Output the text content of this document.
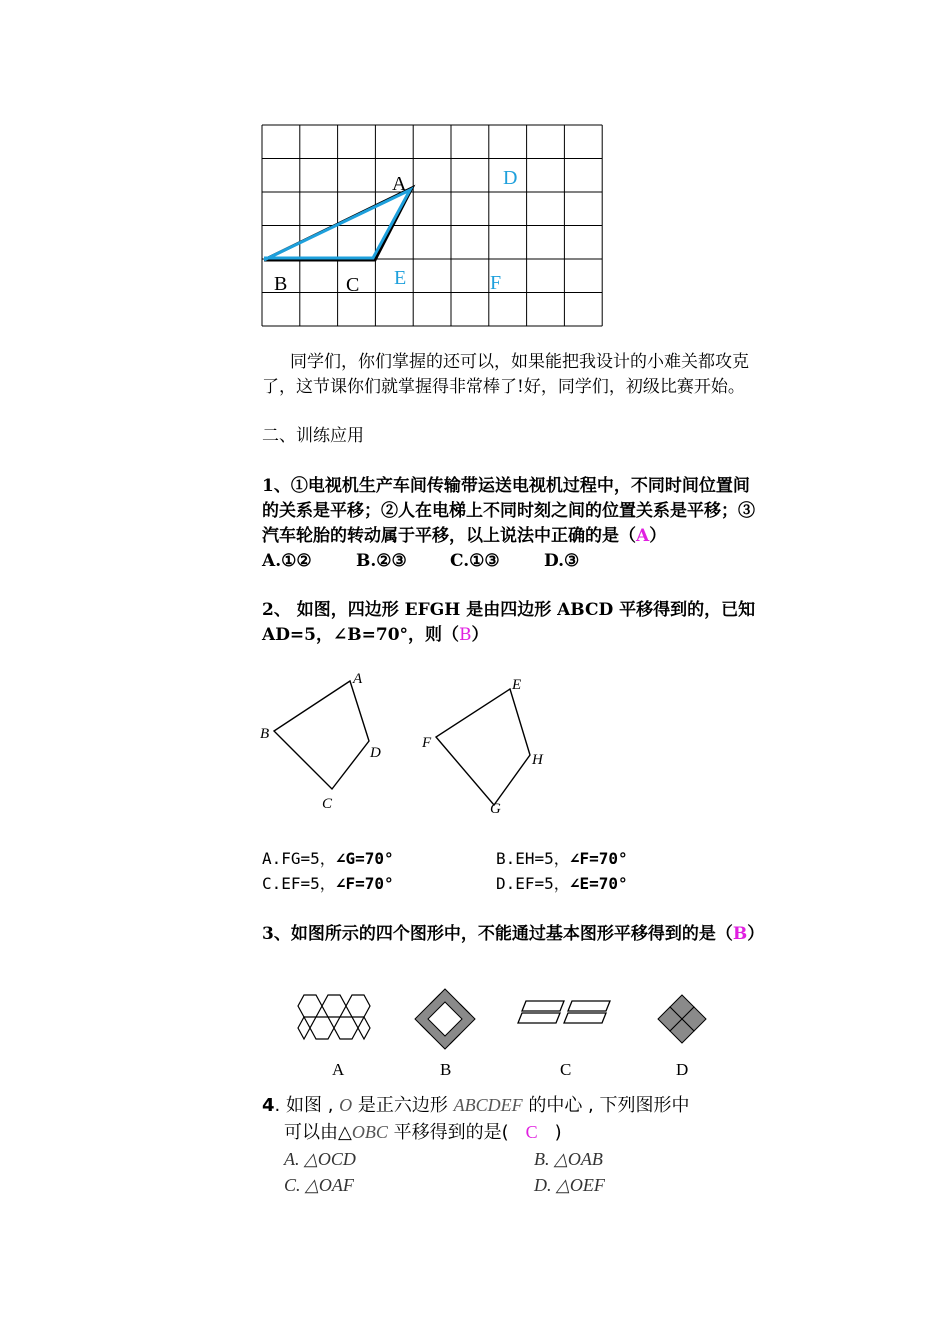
A
B	C
D
E	F
同学们，你们掌握的还可以，如果能把我设计的小难关都攻克
了，这节课你们就掌握得非常棒了!好，同学们，初级比赛开始。
二、训练应用
1、①电视机生产车间传输带运送电视机过程中，不同时间位置间
的关系是平移；②人在电梯上不同时刻之间的位置关系是平移；③
汽车轮胎的转动属于平移，以上说法中正确的是（A）
A.①②	B.②③	C.①③	D.③
2、 如图，四边形 EFGH 是由四边形 ABCD 平移得到的，已知
AD=5，∠B=70°，则（B）
A
B
C
D
E
F
G
H
A.FG=5，∠G=70°	B.EH=5，∠F=70°
C.EF=5，∠F=70°	D.EF=5，∠E=70°
3、如图所示的四个图形中，不能通过基本图形平移得到的是（B）
A	B	C	D
4. 如图 , O 是正六边形 ABCDEF 的中心 , 下列图形中
可以由△OBC 平移得到的是( C )
A. △OCD	B. △OAB
C. △OAF	D. △OEF
